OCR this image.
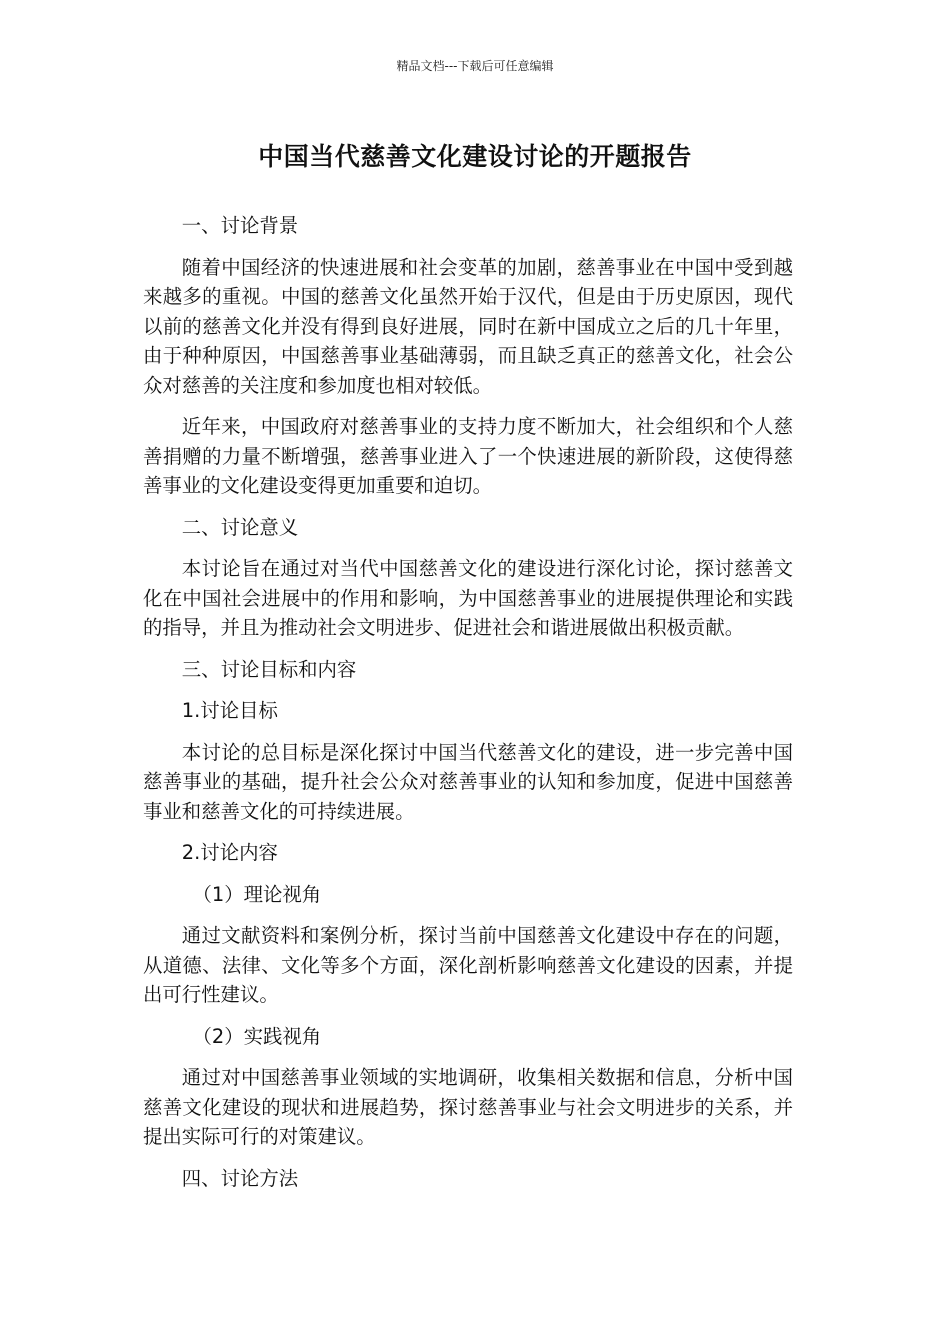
精品文档---下载后可任意编辑
中国当代慈善文化建设讨论的开题报告

一、讨论背景

随着中国经济的快速进展和社会变革的加剧，慈善事业在中国中受到越来越多的重视。中国的慈善文化虽然开始于汉代，但是由于历史原因，现代以前的慈善文化并没有得到良好进展，同时在新中国成立之后的几十年里，由于种种原因，中国慈善事业基础薄弱，而且缺乏真正的慈善文化，社会公众对慈善的关注度和参加度也相对较低。

近年来，中国政府对慈善事业的支持力度不断加大，社会组织和个人慈善捐赠的力量不断增强，慈善事业进入了一个快速进展的新阶段，这使得慈善事业的文化建设变得更加重要和迫切。

二、讨论意义

本讨论旨在通过对当代中国慈善文化的建设进行深化讨论，探讨慈善文化在中国社会进展中的作用和影响，为中国慈善事业的进展提供理论和实践的指导，并且为推动社会文明进步、促进社会和谐进展做出积极贡献。

三、讨论目标和内容

1.讨论目标

本讨论的总目标是深化探讨中国当代慈善文化的建设，进一步完善中国慈善事业的基础，提升社会公众对慈善事业的认知和参加度，促进中国慈善事业和慈善文化的可持续进展。

2.讨论内容

（1）理论视角

通过文献资料和案例分析，探讨当前中国慈善文化建设中存在的问题，从道德、法律、文化等多个方面，深化剖析影响慈善文化建设的因素，并提出可行性建议。

（2）实践视角

通过对中国慈善事业领域的实地调研，收集相关数据和信息，分析中国慈善文化建设的现状和进展趋势，探讨慈善事业与社会文明进步的关系，并提出实际可行的对策建议。

四、讨论方法
